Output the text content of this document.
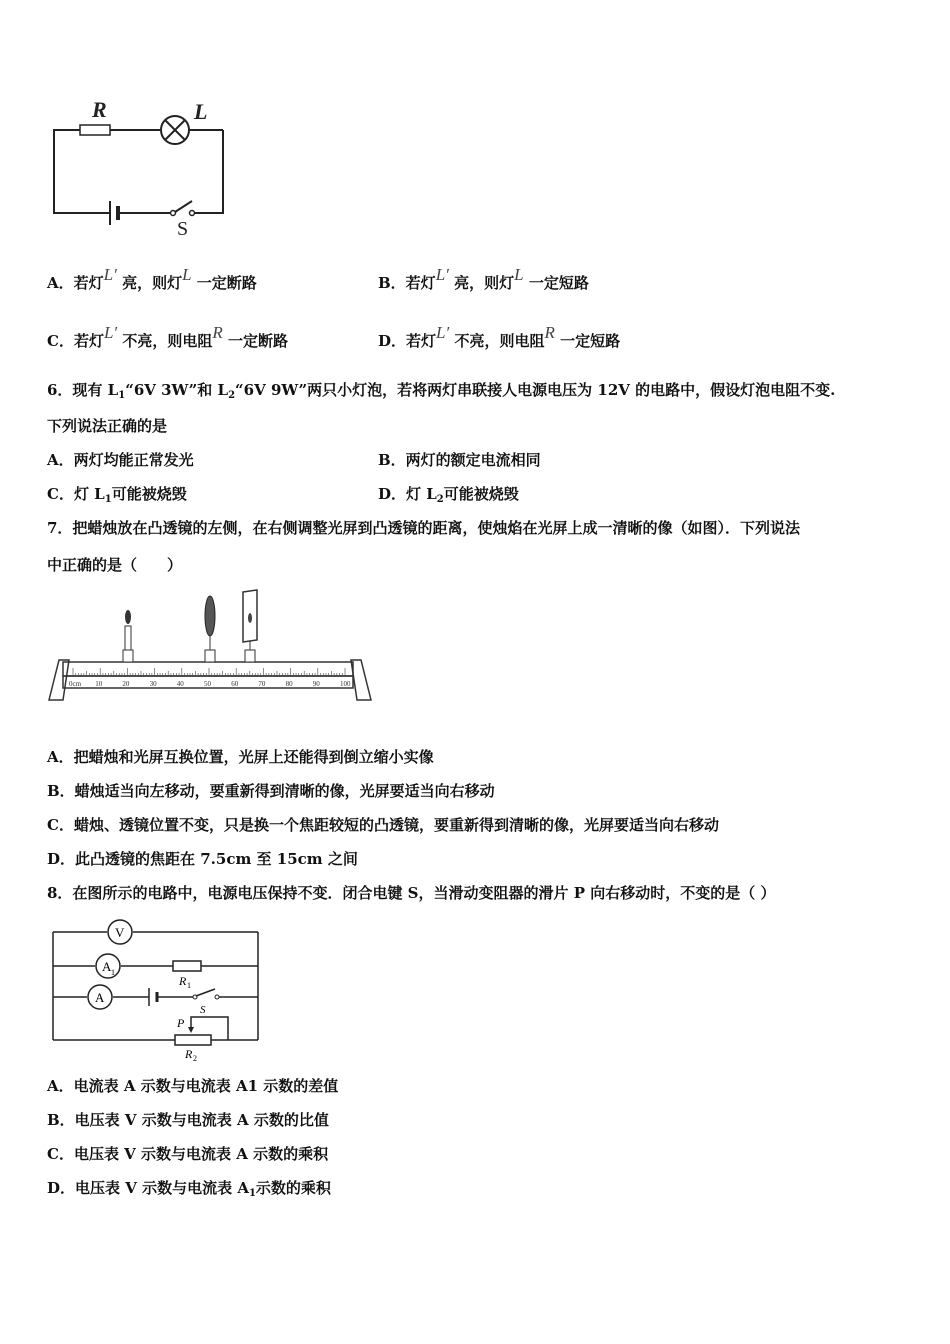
R	L
S
A．若灯L′ 亮，则灯L 一定断路	B．若灯L′ 亮，则灯L 一定短路
C．若灯L′ 不亮，则电阻R 一定断路	D．若灯L′ 不亮，则电阻R 一定短路
6．现有 $L_1“6V$ 3W”和 $L_2“6V$ 9W”两只小灯泡，若将两灯串联接人电源电压为 12V 的电路中，假设灯泡电阻不变.
下列说法正确的是
A．两灯均能正常发光	B．两灯的额定电流相同
C．灯 $L_1$可能被烧毁	D．灯 $L_2$可能被烧毁
7．把蜡烛放在凸透镜的左侧，在右侧调整光屏到凸透镜的距离，使烛焰在光屏上成一清晰的像（如图）．下列说法
中正确的是（　　）
0cm 10	20	30	40	50	60	70	80	90	100
A．把蜡烛和光屏互换位置，光屏上还能得到倒立缩小实像
B．蜡烛适当向左移动，要重新得到清晰的像，光屏要适当向右移动
C．蜡烛、透镜位置不变，只是换一个焦距较短的凸透镜，要重新得到清晰的像，光屏要适当向右移动
D．此凸透镜的焦距在 7.5cm 至 15cm 之间
8．在图所示的电路中，电源电压保持不变．闭合电键 S，当滑动变阻器的滑片 P 向右移动时，不变的是（ ）
V
A 1
A
R 1
S
P
R 2
A．电流表 A 示数与电流表 A1 示数的差值
B．电压表 V 示数与电流表 A 示数的比值
C．电压表 V 示数与电流表 A 示数的乘积
D．电压表 V 示数与电流表 $A_1$示数的乘积
